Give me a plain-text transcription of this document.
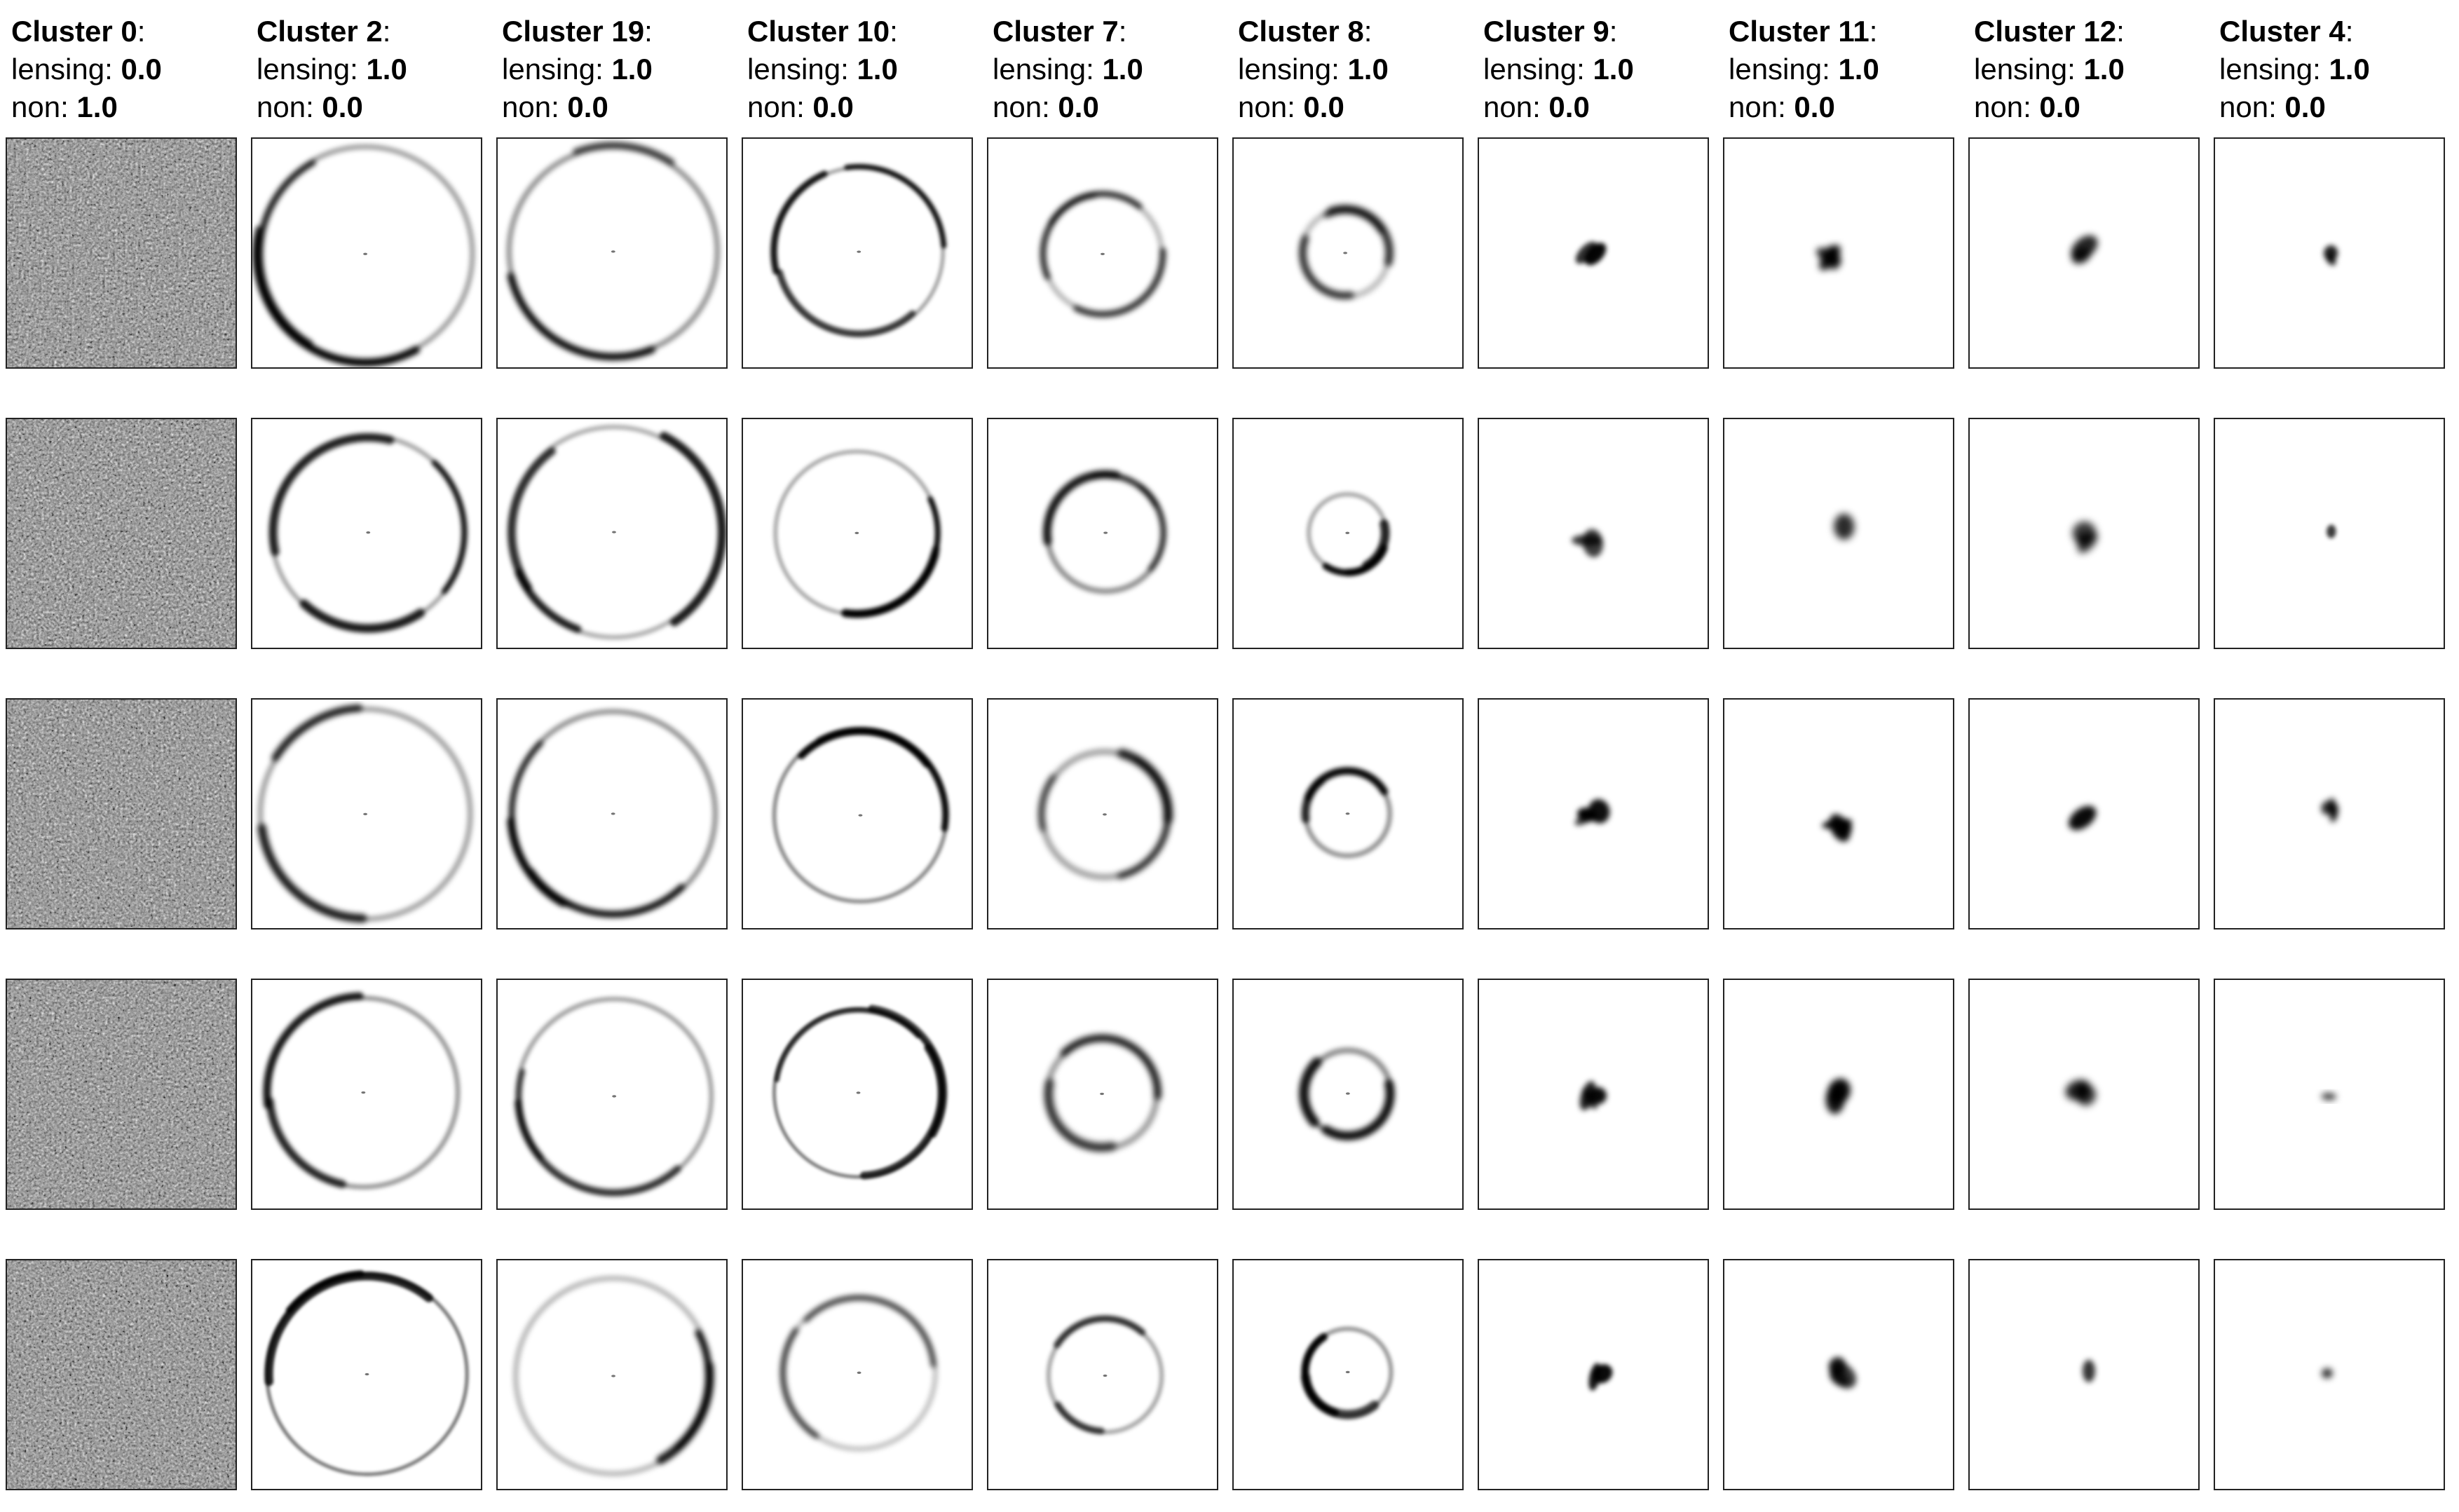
Cluster 0:
lensing: 0.0
non: 1.0
Cluster 2:
lensing: 1.0
non: 0.0
Cluster 19:
lensing: 1.0
non: 0.0
Cluster 10:
lensing: 1.0
non: 0.0
Cluster 7:
lensing: 1.0
non: 0.0
Cluster 8:
lensing: 1.0
non: 0.0
Cluster 9:
lensing: 1.0
non: 0.0
Cluster 11:
lensing: 1.0
non: 0.0
Cluster 12:
lensing: 1.0
non: 0.0
Cluster 4:
lensing: 1.0
non: 0.0
